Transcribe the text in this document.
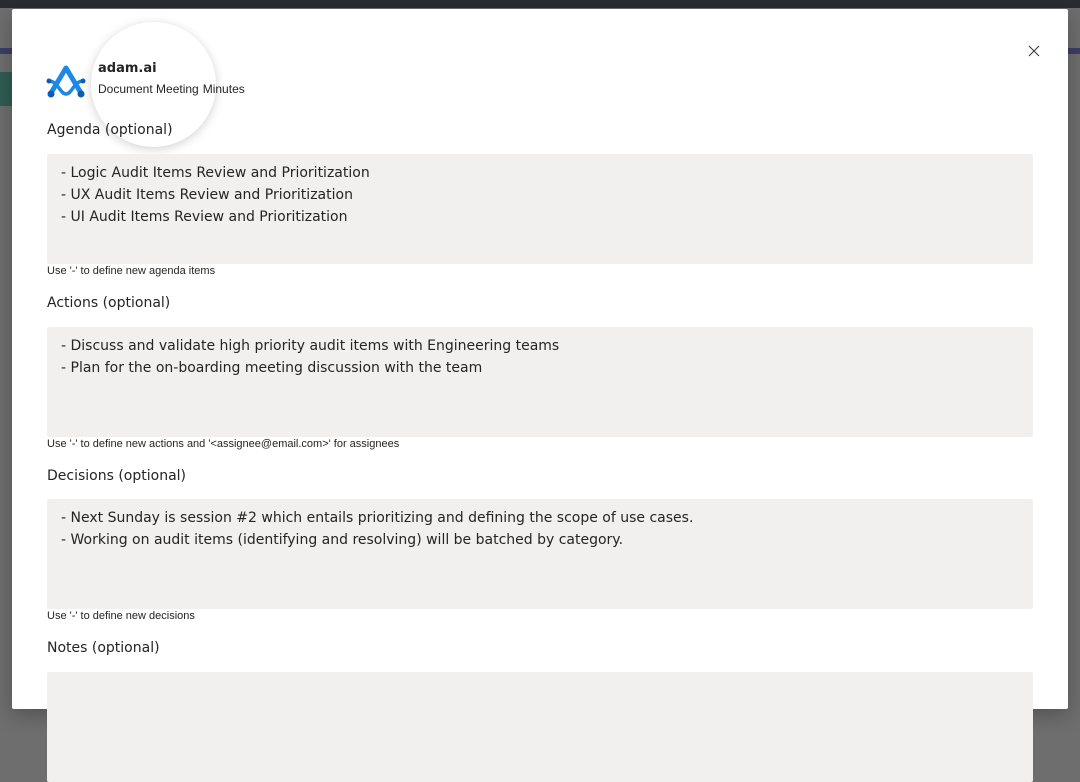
adam.ai
Document Meeting Minutes
Agenda (optional)
- Logic Audit Items Review and Prioritization
- UX Audit Items Review and Prioritization
- UI Audit Items Review and Prioritization
Use '-' to define new agenda items
Actions (optional)
- Discuss and validate high priority audit items with Engineering teams
- Plan for the on-boarding meeting discussion with the team
Use '-' to define new actions and '<assignee@email.com>' for assignees
Decisions (optional)
- Next Sunday is session #2 which entails prioritizing and defining the scope of use cases.
- Working on audit items (identifying and resolving) will be batched by category.
Use '-' to define new decisions
Notes (optional)
